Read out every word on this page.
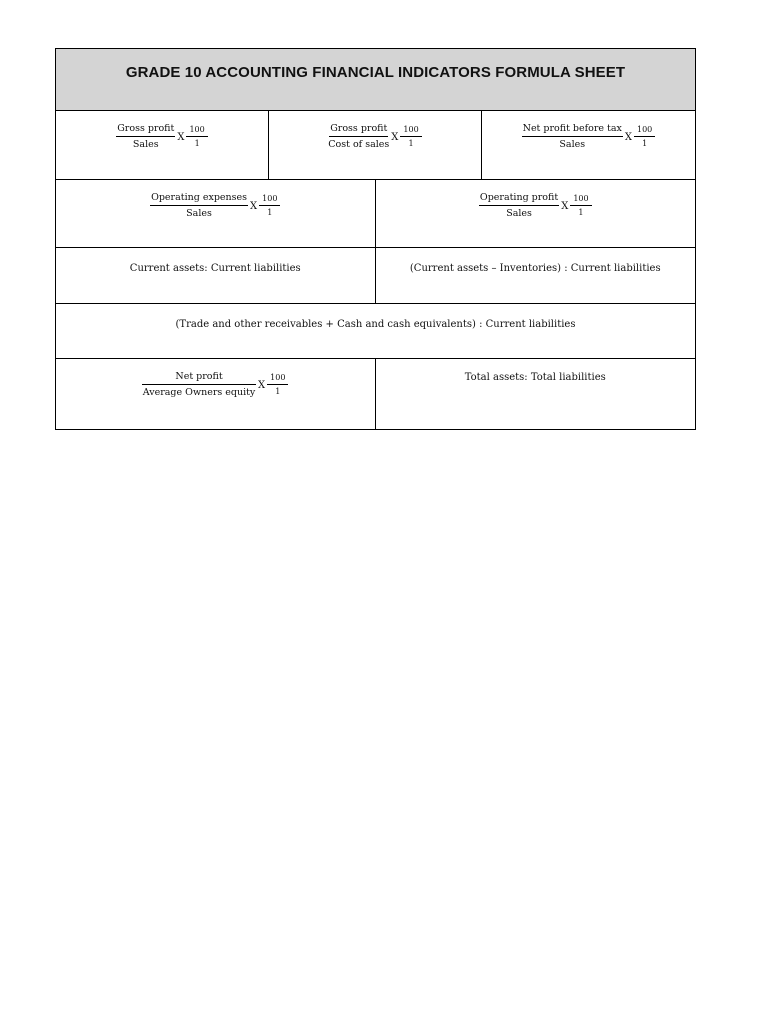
GRADE 10 ACCOUNTING FINANCIAL INDICATORS FORMULA SHEET
$\frac{\text{Gross profit}}{\text{Sales}}$ X $\frac{100}{1}$	$\frac{\text{Gross profit}}{\text{Cost of sales}}$ X $\frac{100}{1}$	$\frac{\text{Net profit before tax}}{\text{Sales}}$ X $\frac{100}{1}$
$\frac{\text{Operating expenses}}{\text{Sales}}$ X $\frac{100}{1}$	$\frac{\text{Operating profit}}{\text{Sales}}$ X $\frac{100}{1}$
Current assets: Current liabilities	(Current assets – Inventories) : Current liabilities
(Trade and other receivables + Cash and cash equivalents) : Current liabilities
$\frac{\text{Net profit}}{\text{Average Owners equity}}$ X $\frac{100}{1}$	Total assets: Total liabilities
